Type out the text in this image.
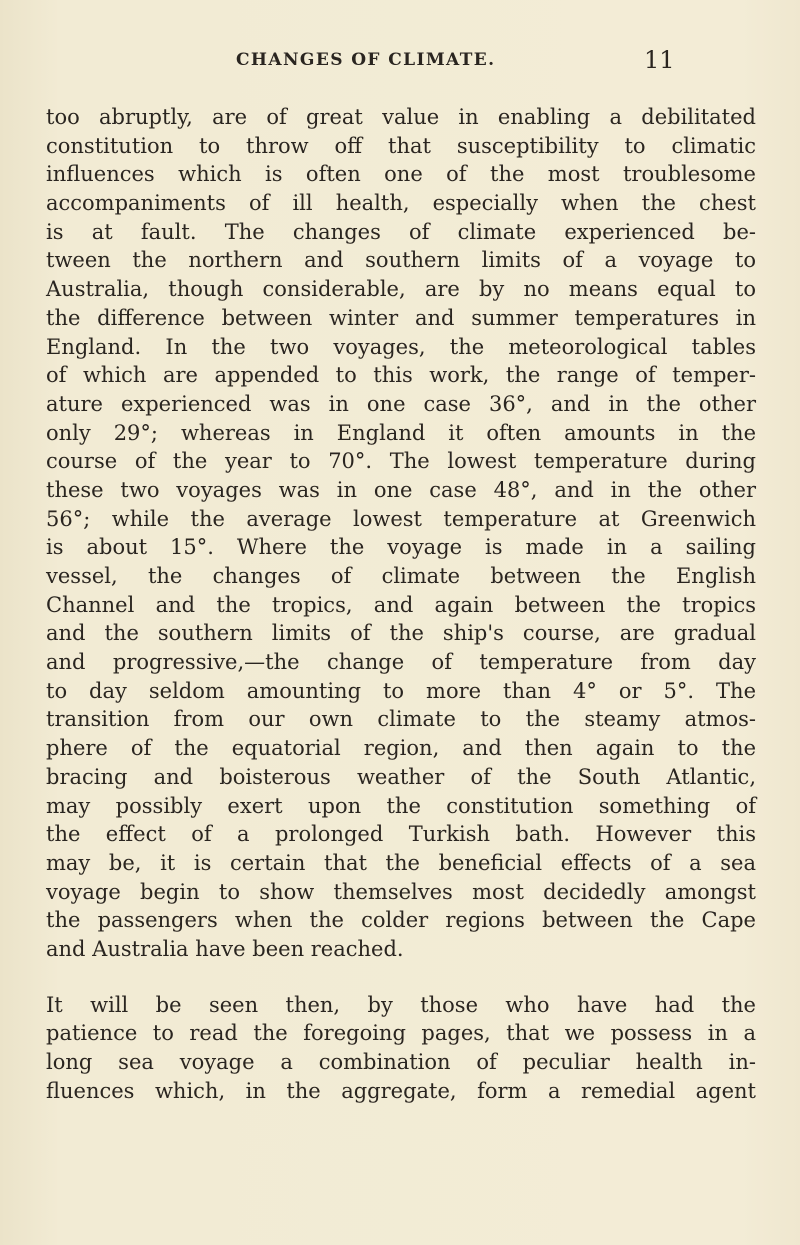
CHANGES OF CLIMATE.	11
too abruptly, are of great value in enabling a debilitated
constitution to throw off that susceptibility to climatic
influences which is often one of the most troublesome
accompaniments of ill health, especially when the chest
is at fault. The changes of climate experienced be-
tween the northern and southern limits of a voyage to
Australia, though considerable, are by no means equal to
the difference between winter and summer temperatures in
England. In the two voyages, the meteorological tables
of which are appended to this work, the range of temper-
ature experienced was in one case 36°, and in the other
only 29°; whereas in England it often amounts in the
course of the year to 70°. The lowest temperature during
these two voyages was in one case 48°, and in the other
56°; while the average lowest temperature at Greenwich
is about 15°. Where the voyage is made in a sailing
vessel, the changes of climate between the English
Channel and the tropics, and again between the tropics
and the southern limits of the ship's course, are gradual
and progressive,—the change of temperature from day
to day seldom amounting to more than 4° or 5°. The
transition from our own climate to the steamy atmos-
phere of the equatorial region, and then again to the
bracing and boisterous weather of the South Atlantic,
may possibly exert upon the constitution something of
the effect of a prolonged Turkish bath. However this
may be, it is certain that the beneficial effects of a sea
voyage begin to show themselves most decidedly amongst
the passengers when the colder regions between the Cape
and Australia have been reached.
It will be seen then, by those who have had the
patience to read the foregoing pages, that we possess in a
long sea voyage a combination of peculiar health in-
fluences which, in the aggregate, form a remedial agent
